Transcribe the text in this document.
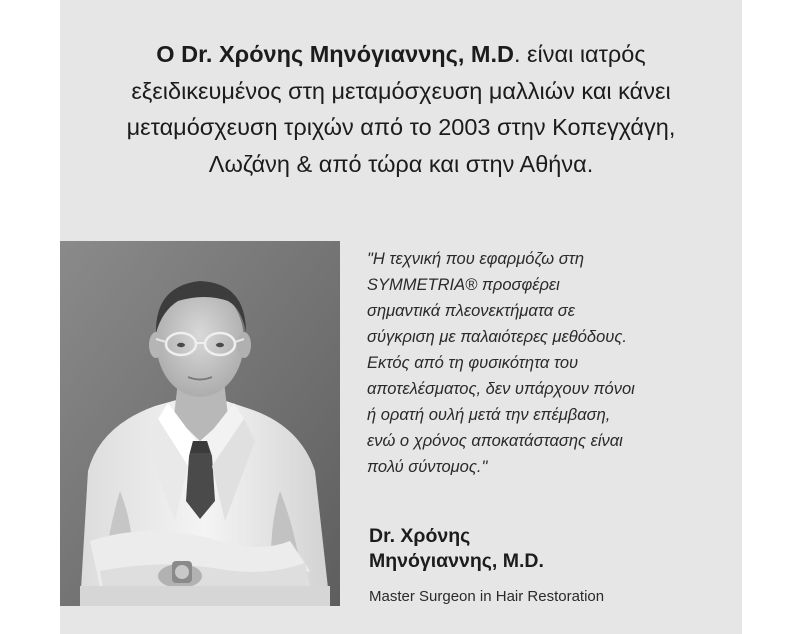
Ο Dr. Χρόνης Μηνόγιαννης, M.D. είναι ιατρός
εξειδικευμένος στη μεταμόσχευση μαλλιών και κάνει
μεταμόσχευση τριχών από το 2003 στην Κοπεγχάγη,
Λωζάνη & από τώρα και στην Αθήνα.
"Η τεχνική που εφαρμόζω στη
SYMMETRIA® προσφέρει
σημαντικά πλεονεκτήματα σε
σύγκριση με παλαιότερες μεθόδους.
Εκτός από τη φυσικότητα του
αποτελέσματος, δεν υπάρχουν πόνοι
ή ορατή ουλή μετά την επέμβαση,
ενώ ο χρόνος αποκατάστασης είναι
πολύ σύντομος."
Dr. Χρόνης
Μηνόγιαννης, M.D.
Master Surgeon in Hair Restoration
